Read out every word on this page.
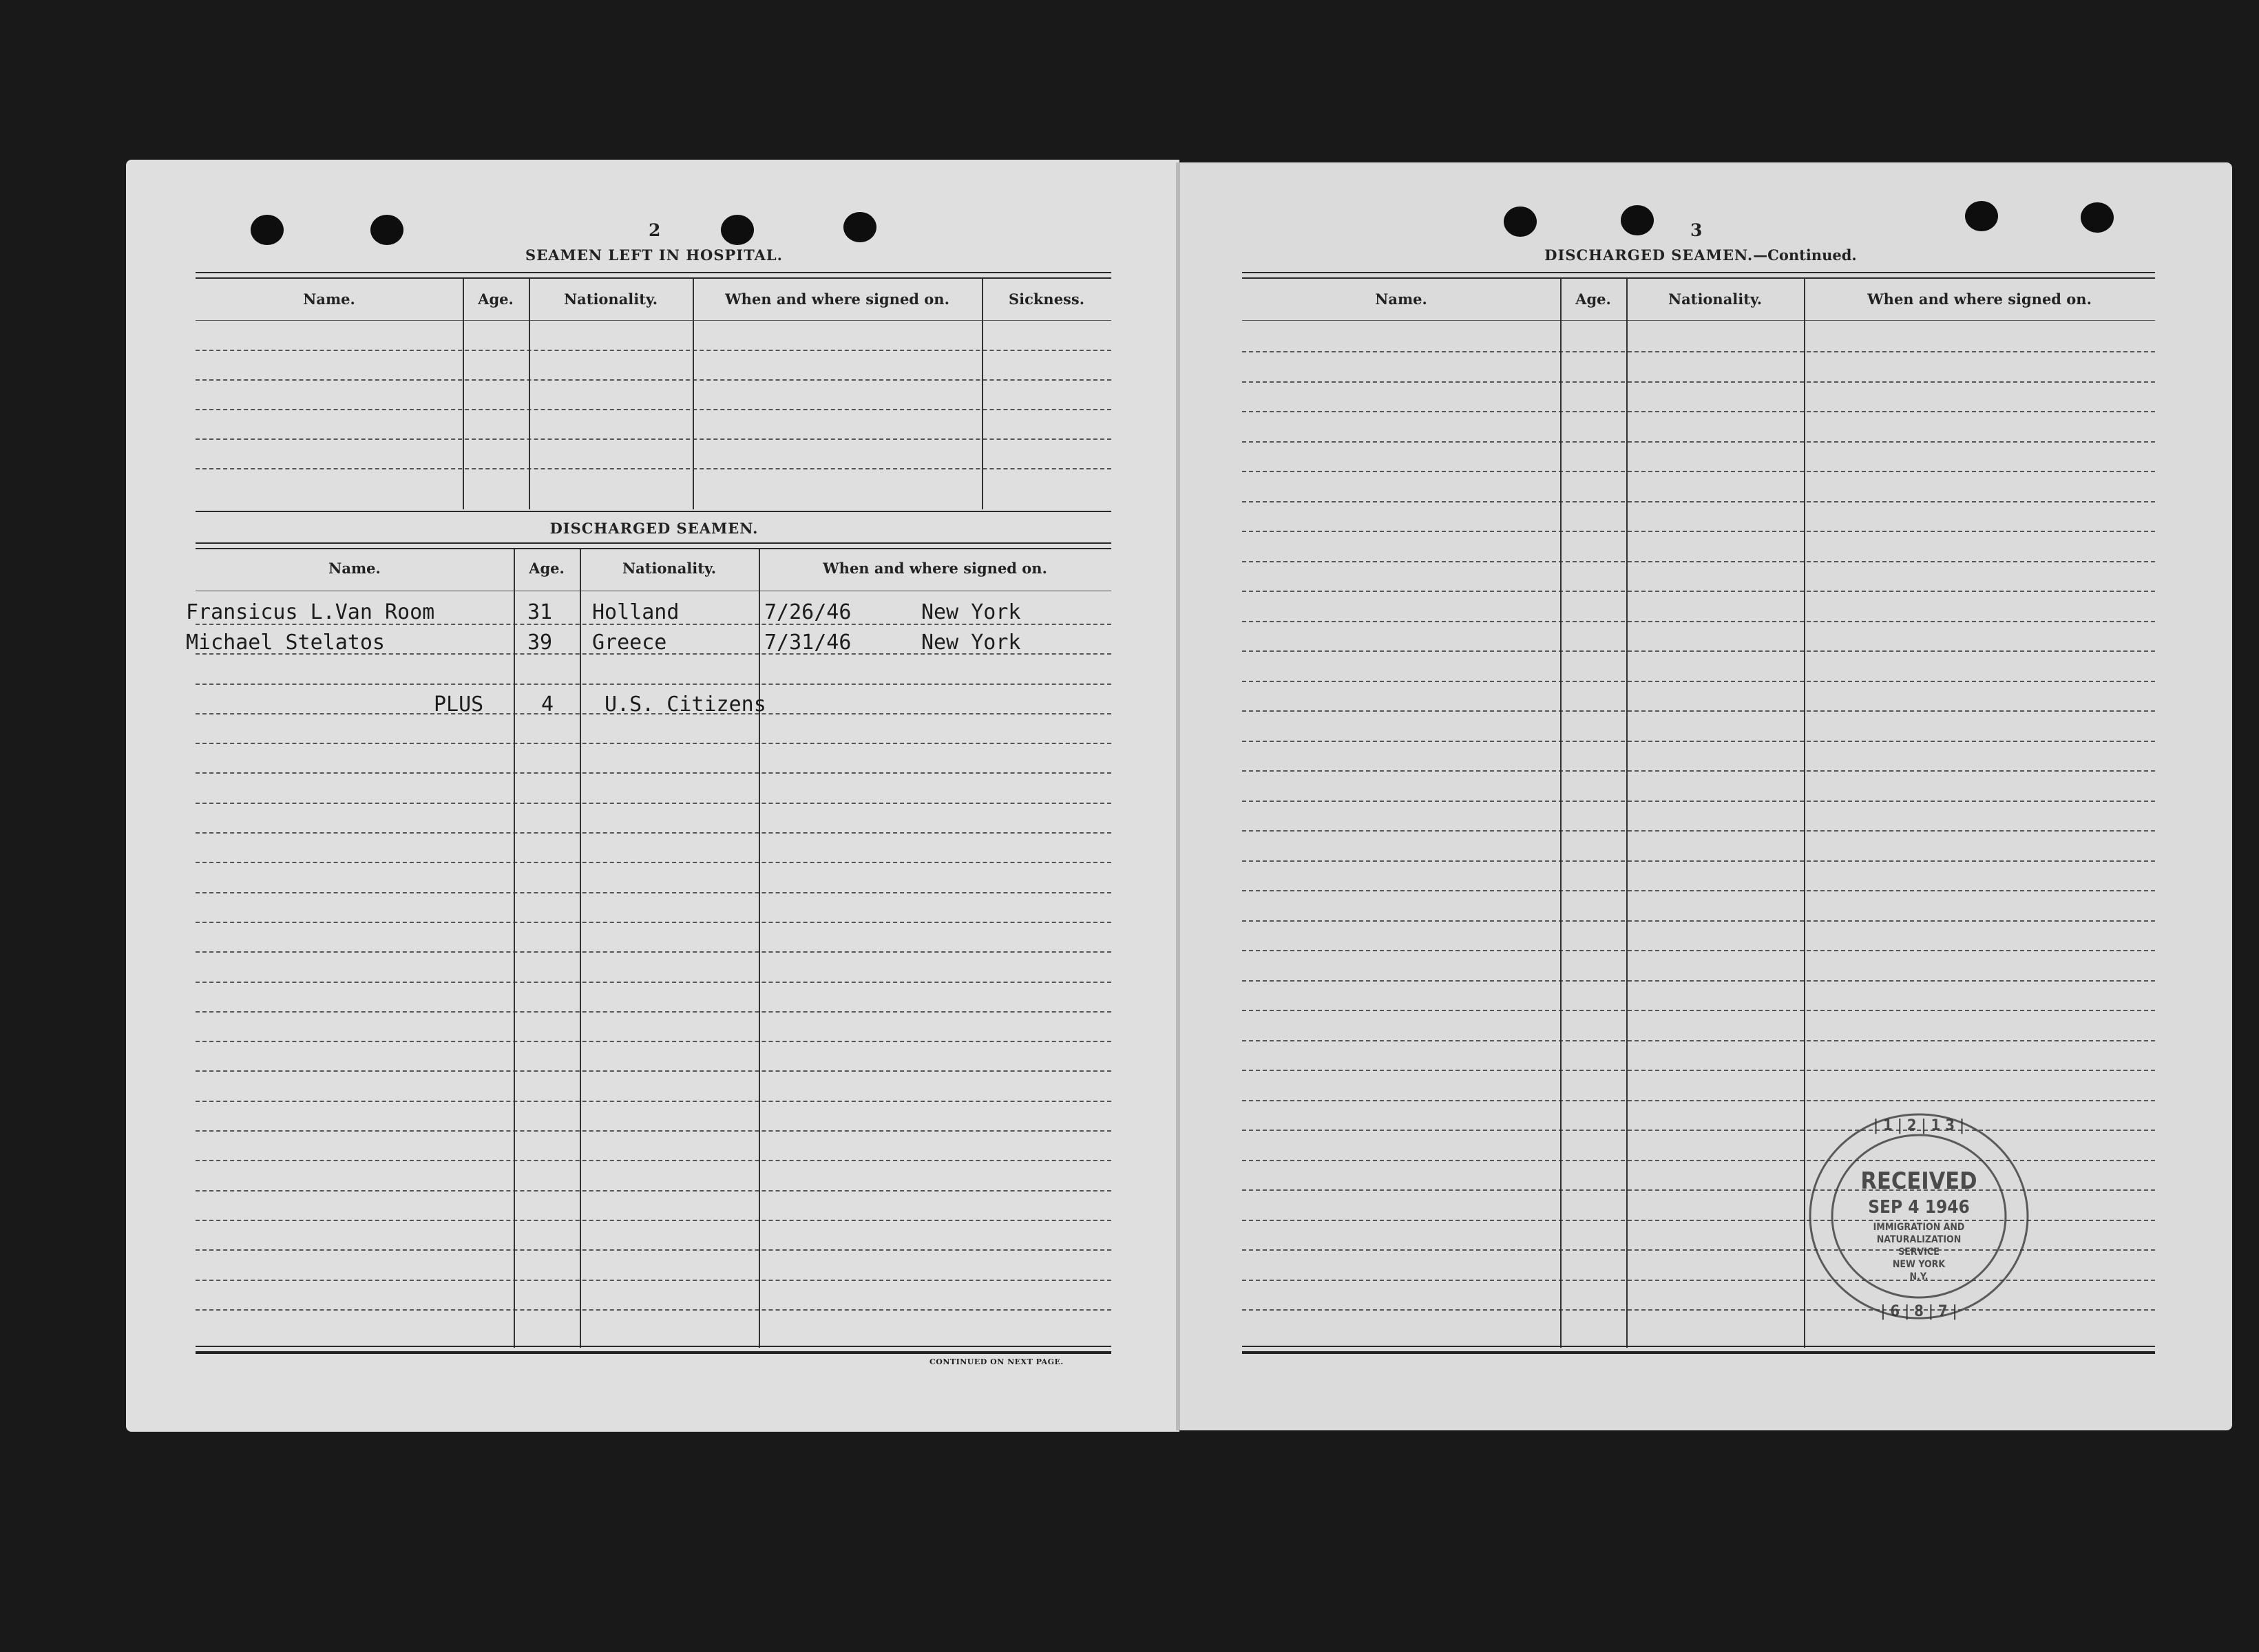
2
SEAMEN LEFT IN HOSPITAL.
Name.	Age.	Nationality.	When and where signed on.	Sickness.
DISCHARGED SEAMEN.
Name.	Age.	Nationality.	When and where signed on.
Fransicus L.Van Room	31 Holland	7/26/46	New York
Michael Stelatos	39 Greece	7/31/46	New York
PLUS	4 U.S. Citizens
CONTINUED ON NEXT PAGE.
3
DISCHARGED SEAMEN.—Continued.
Name.	Age.	Nationality.	When and where signed on.
| 1 | 2 | 1 3 |
| 6 | 8 | 7 |
RECEIVED
SEP 4 1946
IMMIGRATION AND
NATURALIZATION
SERVICE
NEW YORK
N.Y.
